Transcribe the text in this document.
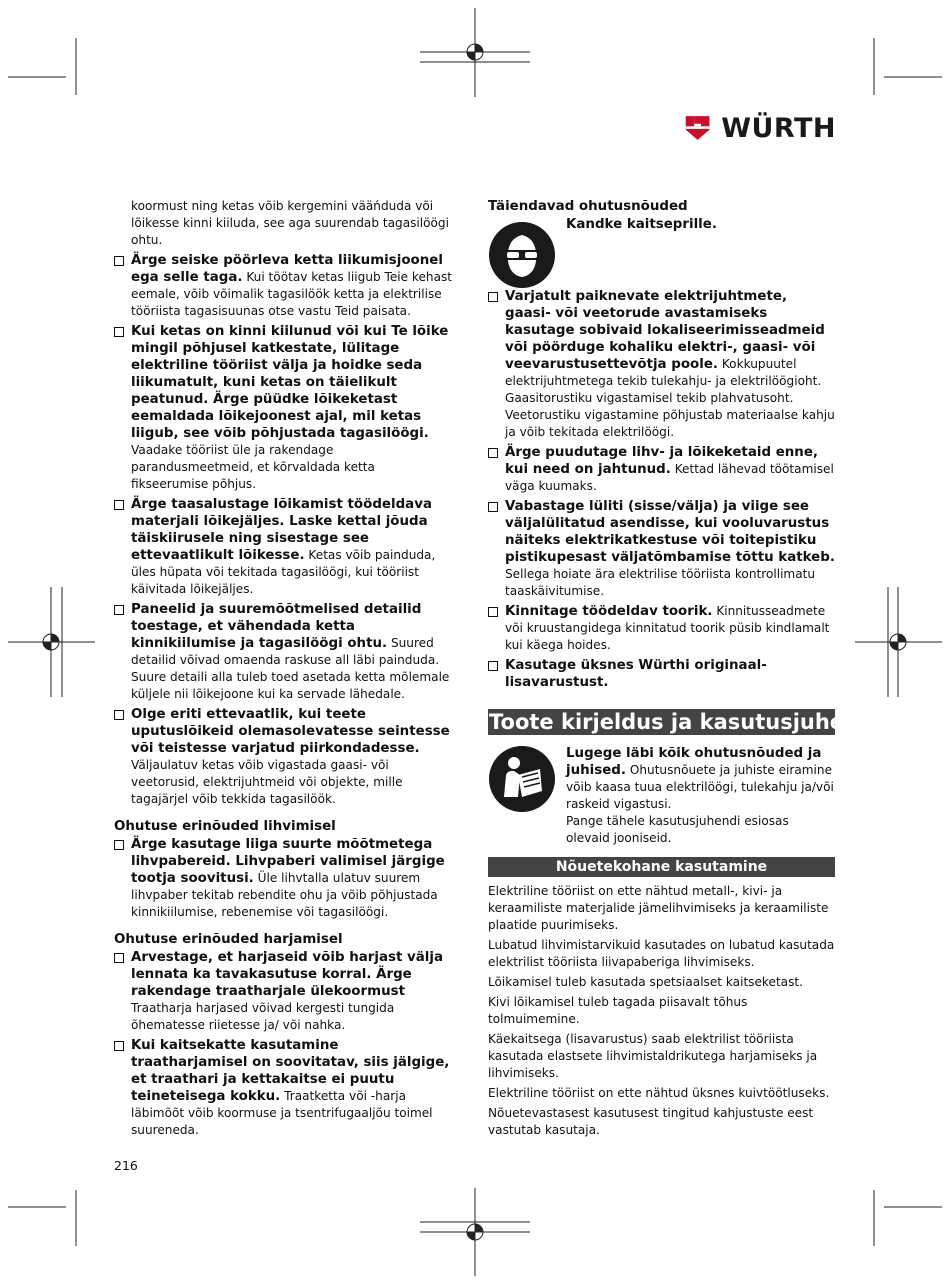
WÜRTH

koormust ning ketas võib kergemini vääńduda või lõikesse kinni kiiluda, see aga suurendab tagasilöögi ohtu.

Ärge seiske pöörleva ketta liikumisjoonel ega selle taga. Kui töötav ketas liigub Teie kehast eemale, võib võimalik tagasilöök ketta ja elektrilise tööriista tagasisuunas otse vastu Teid paisata.
Kui ketas on kinni kiilunud või kui Te lõike mingil põhjusel katkestate, lülitage elektriline tööriist välja ja hoidke seda liikumatult, kuni ketas on täielikult peatunud. Ärge püüdke lõikeketast eemaldada lõikejoonest ajal, mil ketas liigub, see võib põhjustada tagasilöögi. Vaadake tööriist üle ja rakendage parandusmeetmeid, et kõrvaldada ketta fikseerumise põhjus.
Ärge taasalustage lõikamist töödeldava materjali lõikejäljes. Laske kettal jõuda täiskiirusele ning sisestage see ettevaatlikult lõikesse. Ketas võib painduda, üles hüpata või tekitada tagasilöögi, kui tööriist käivitada lõikejäljes.
Paneelid ja suuremõõtmelised detailid toestage, et vähendada ketta kinnikiilumise ja tagasilöögi ohtu. Suured detailid võivad omaenda raskuse all läbi painduda. Suure detaili alla tuleb toed asetada ketta mõlemale küljele nii lõikejoone kui ka servade lähedale.
Olge eriti ettevaatlik, kui teete uputuslõikeid olemasolevatesse seintesse või teistesse varjatud piirkondadesse. Väljaulatuv ketas võib vigastada gaasi- või veetorusid, elektrijuhtmeid või objekte, mille tagajärjel võib tekkida tagasilöök.

Ohutuse erinõuded lihvimisel

Ärge kasutage liiga suurte mõõtmetega lihvpabereid. Lihvpaberi valimisel järgige tootja soovitusi. Üle lihvtalla ulatuv suurem lihvpaber tekitab rebendite ohu ja võib põhjustada kinnikiilumise, rebenemise või tagasilöögi.

Ohutuse erinõuded harjamisel

Arvestage, et harjaseid võib harjast välja lennata ka tavakasutuse korral. Ärge rakendage traatharjale ülekoormust Traatharja harjased võivad kergesti tungida õhematesse riietesse ja/ või nahka.
Kui kaitsekatte kasutamine traatharjamisel on soovitatav, siis jälgige, et traathari ja kettakaitse ei puutu teineteisega kokku. Traatketta või -harja läbimõõt võib koormuse ja tsentrifugaaljõu toimel suureneda.

Täiendavad ohutusnõuded

Kandke kaitseprille.

Varjatult paiknevate elektrijuhtmete, gaasi- või veetorude avastamiseks kasutage sobivaid lokaliseerimisseadmeid või pöörduge kohaliku elektri-, gaasi- või veevarustusettevõtja poole. Kokkupuutel elektrijuhtmetega tekib tulekahju- ja elektrilöögioht. Gaasitorustiku vigastamisel tekib plahvatusoht. Veetorustiku vigastamine põhjustab materiaalse kahju ja võib tekitada elektrilöögi.
Ärge puudutage lihv- ja lõikeketaid enne, kui need on jahtunud. Kettad lähevad töötamisel väga kuumaks.
Vabastage lüliti (sisse/välja) ja viige see väljalülitatud asendisse, kui vooluvarustus näiteks elektrikatkestuse või toitepistiku pistikupesast väljatõmbamise tõttu katkeb. Sellega hoiate ära elektrilise tööriista kontrollimatu taaskäivitumise.
Kinnitage töödeldav toorik. Kinnitusseadmete või kruustangidega kinnitatud toorik püsib kindlamalt kui käega hoides.
Kasutage üksnes Würthi originaal-lisavarustust.
Toote kirjeldus ja kasutusjuhend

Lugege läbi kõik ohutusnõuded ja juhised. Ohutusnõuete ja juhiste eiramine võib kaasa tuua elektrilöögi, tulekahju ja/või raskeid vigastusi.

Pange tähele kasutusjuhendi esiosas olevaid jooniseid.

Nõuetekohane kasutamine

Elektriline tööriist on ette nähtud metall-, kivi- ja keraamiliste materjalide jämelihvimiseks ja keraamiliste plaatide puurimiseks.

Lubatud lihvimistarvikuid kasutades on lubatud kasutada elektrilist tööriista liivapaberiga lihvimiseks.

Lõikamisel tuleb kasutada spetsiaalset kaitseketast.

Kivi lõikamisel tuleb tagada piisavalt tõhus tolmuimemine.

Käekaitsega (lisavarustus) saab elektrilist tööriista kasutada elastsete lihvimistaldrikutega harjamiseks ja lihvimiseks.

Elektriline tööriist on ette nähtud üksnes kuivtöötluseks.

Nõuetevastasest kasutusest tingitud kahjustuste eest vastutab kasutaja.

216
